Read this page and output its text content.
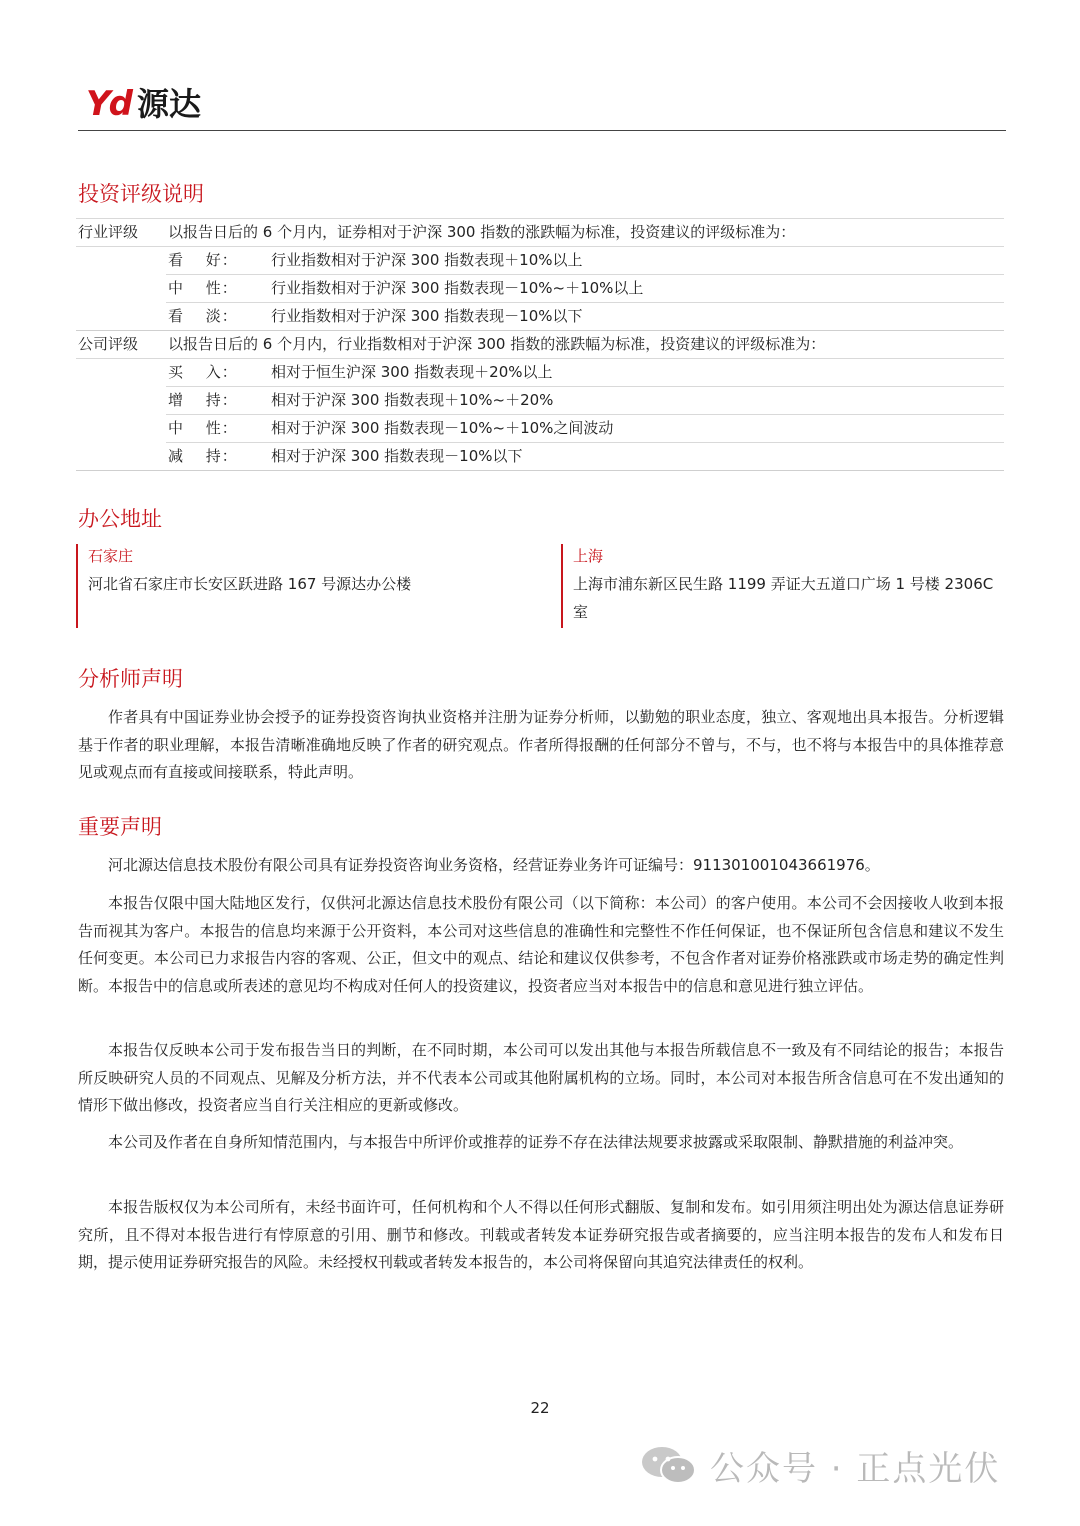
Yd 源达
投资评级说明
行业评级 以报告日后的 6 个月内，证券相对于沪深 300 指数的涨跌幅为标准，投资建议的评级标准为：
看　 好： 行业指数相对于沪深 300 指数表现＋10%以上
中　 性： 行业指数相对于沪深 300 指数表现－10%~＋10%以上
看　 淡： 行业指数相对于沪深 300 指数表现－10%以下
公司评级 以报告日后的 6 个月内，行业指数相对于沪深 300 指数的涨跌幅为标准，投资建议的评级标准为：
买　 入： 相对于恒生沪深 300 指数表现＋20%以上
增　 持： 相对于沪深 300 指数表现＋10%~＋20%
中　 性： 相对于沪深 300 指数表现－10%~＋10%之间波动
减　 持： 相对于沪深 300 指数表现－10%以下
办公地址
石家庄
河北省石家庄市长安区跃进路 167 号源达办公楼
上海
上海市浦东新区民生路 1199 弄证大五道口广场 1 号楼 2306C 室
分析师声明
作者具有中国证券业协会授予的证券投资咨询执业资格并注册为证券分析师，以勤勉的职业态度，独立、客观地出具本报告。分析逻辑基于作者的职业理解，本报告清晰准确地反映了作者的研究观点。作者所得报酬的任何部分不曾与，不与，也不将与本报告中的具体推荐意见或观点而有直接或间接联系，特此声明。
重要声明
河北源达信息技术股份有限公司具有证券投资咨询业务资格，经营证券业务许可证编号：911301001043661976。
本报告仅限中国大陆地区发行，仅供河北源达信息技术股份有限公司（以下简称：本公司）的客户使用。本公司不会因接收人收到本报告而视其为客户。本报告的信息均来源于公开资料，本公司对这些信息的准确性和完整性不作任何保证，也不保证所包含信息和建议不发生任何变更。本公司已力求报告内容的客观、公正，但文中的观点、结论和建议仅供参考，不包含作者对证券价格涨跌或市场走势的确定性判断。本报告中的信息或所表述的意见均不构成对任何人的投资建议，投资者应当对本报告中的信息和意见进行独立评估。
本报告仅反映本公司于发布报告当日的判断，在不同时期，本公司可以发出其他与本报告所载信息不一致及有不同结论的报告；本报告所反映研究人员的不同观点、见解及分析方法，并不代表本公司或其他附属机构的立场。同时，本公司对本报告所含信息可在不发出通知的情形下做出修改，投资者应当自行关注相应的更新或修改。
本公司及作者在自身所知情范围内，与本报告中所评价或推荐的证券不存在法律法规要求披露或采取限制、静默措施的利益冲突。
本报告版权仅为本公司所有，未经书面许可，任何机构和个人不得以任何形式翻版、复制和发布。如引用须注明出处为源达信息证券研究所，且不得对本报告进行有悖原意的引用、删节和修改。刊载或者转发本证券研究报告或者摘要的，应当注明本报告的发布人和发布日期，提示使用证券研究报告的风险。未经授权刊载或者转发本报告的，本公司将保留向其追究法律责任的权利。
22
公众号 · 正点光伏
